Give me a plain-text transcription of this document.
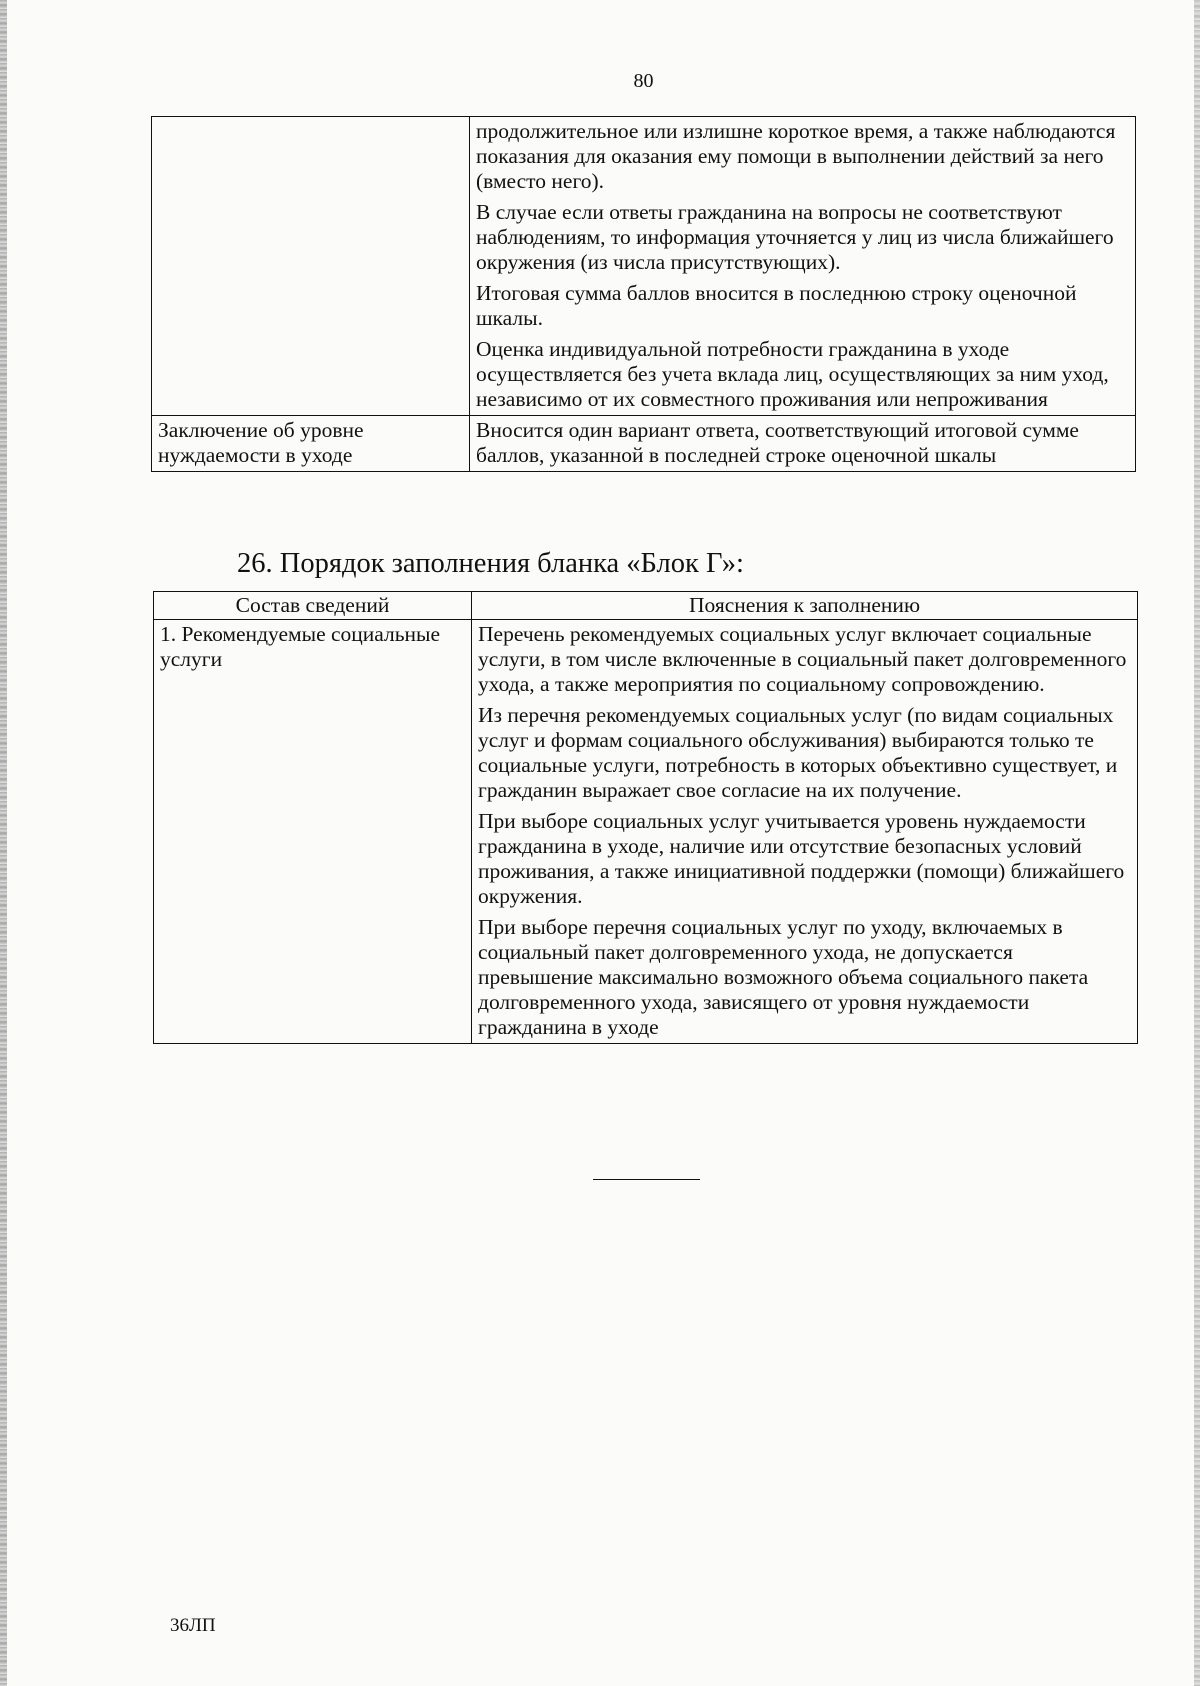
80

	продолжительное или излишне короткое время, а также наблюдаются показания для оказания ему помощи в выполнении действий за него (вместо него).

В случае если ответы гражданина на вопросы не соответствуют наблюдениям, то информация уточняется у лиц из числа ближайшего окружения (из числа присутствующих).

Итоговая сумма баллов вносится в последнюю строку оценочной шкалы.

Оценка индивидуальной потребности гражданина в уходе осуществляется без учета вклада лиц, осуществляющих за ним уход, независимо от их совместного проживания или непроживания

Заключение об уровне нуждаемости в уходе	Вносится один вариант ответа, соответствующий итоговой сумме баллов, указанной в последней строке оценочной шкалы

26. Порядок заполнения бланка «Блок Г»:
Состав сведений	Пояснения к заполнению
1. Рекомендуемые социальные услуги	Перечень рекомендуемых социальных услуг включает социальные услуги, в том числе включенные в социальный пакет долговременного ухода, а также мероприятия по социальному сопровождению.

Из перечня рекомендуемых социальных услуг (по видам социальных услуг и формам социального обслуживания) выбираются только те социальные услуги, потребность в которых объективно существует, и гражданин выражает свое согласие на их получение.

При выборе социальных услуг учитывается уровень нуждаемости гражданина в уходе, наличие или отсутствие безопасных условий проживания, а также инициативной поддержки (помощи) ближайшего окружения.

При выборе перечня социальных услуг по уходу, включаемых в социальный пакет долговременного ухода, не допускается превышение максимально возможного объема социального пакета долговременного ухода, зависящего от уровня нуждаемости гражданина в уходе

36ЛП
